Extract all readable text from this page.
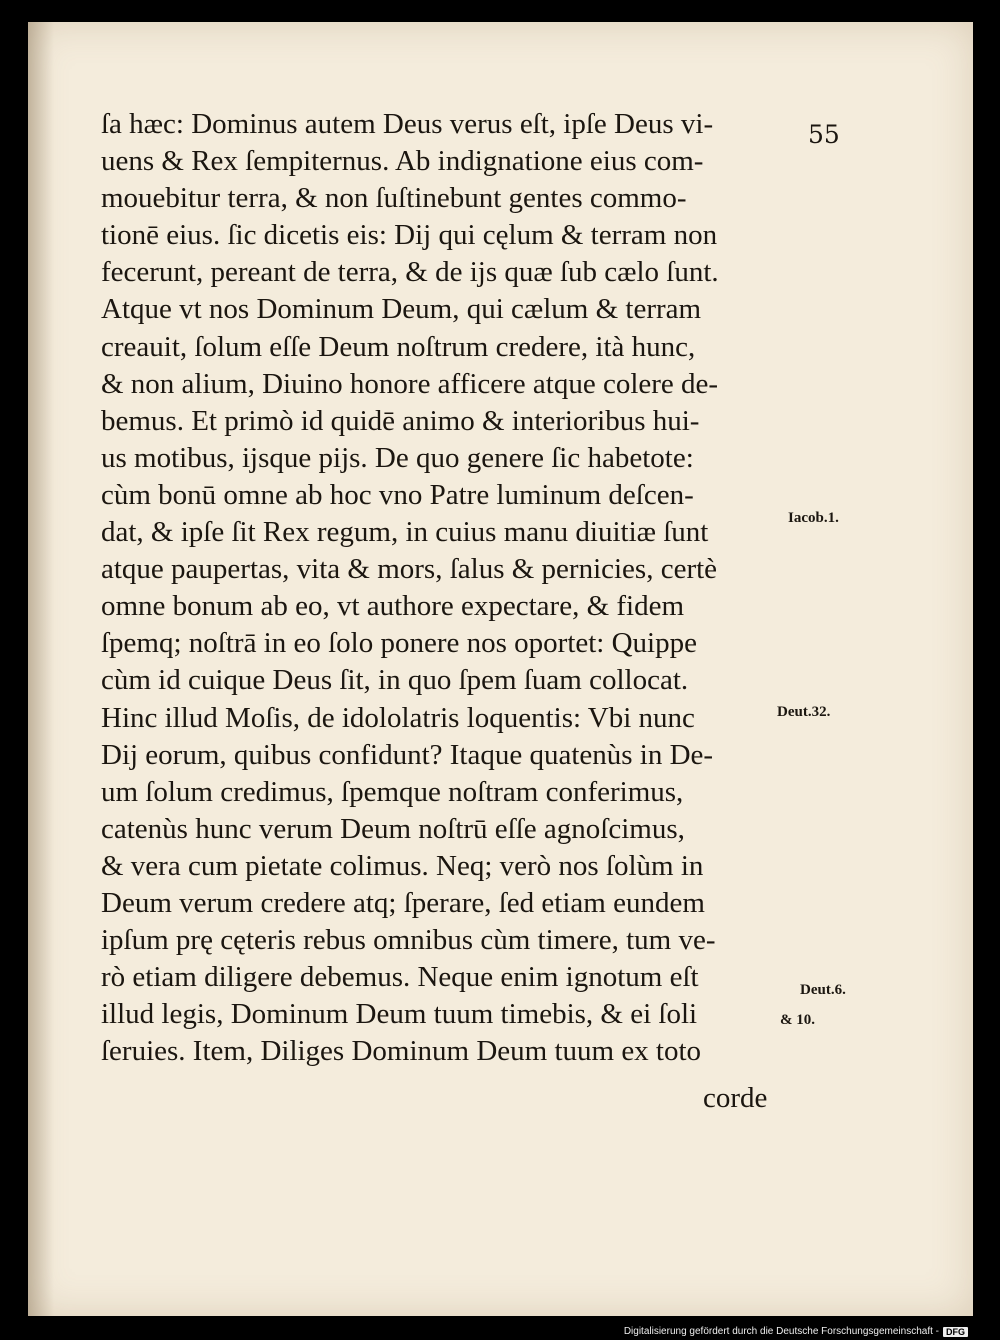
55
ſa hæc: Dominus autem Deus verus eſt, ipſe Deus vi-
uens & Rex ſempiternus. Ab indignatione eius com-
mouebitur terra, & non ſuſtinebunt gentes commo-
tionē eius. ſic dicetis eis: Dij qui cęlum & terram non
fecerunt, pereant de terra, & de ijs quæ ſub cælo ſunt.
Atque vt nos Dominum Deum, qui cælum & terram
creauit, ſolum eſſe Deum noſtrum credere, ità hunc,
& non alium, Diuino honore afficere atque colere de-
bemus. Et primò id quidē animo & interioribus hui-
us motibus, ijsque pijs. De quo genere ſic habetote:
cùm bonū omne ab hoc vno Patre luminum deſcen-
dat, & ipſe ſit Rex regum, in cuius manu diuitiæ ſunt
atque paupertas, vita & mors, ſalus & pernicies, certè
omne bonum ab eo, vt authore expectare, & fidem
ſpemq; noſtrā in eo ſolo ponere nos oportet: Quippe
cùm id cuique Deus ſit, in quo ſpem ſuam collocat.
Hinc illud Moſis, de idololatris loquentis: Vbi nunc
Dij eorum, quibus confidunt? Itaque quatenùs in De-
um ſolum credimus, ſpemque noſtram conferimus,
catenùs hunc verum Deum noſtrū eſſe agnoſcimus,
& vera cum pietate colimus. Neq; verò nos ſolùm in
Deum verum credere atq; ſperare, ſed etiam eundem
ipſum prę cęteris rebus omnibus cùm timere, tum ve-
rò etiam diligere debemus. Neque enim ignotum eſt
illud legis, Dominum Deum tuum timebis, & ei ſoli
ſeruies. Item, Diliges Dominum Deum tuum ex toto
corde
Iacob.1.
Deut.32.
Deut.6.
& 10.
Digitalisierung gefördert durch die Deutsche Forschungsgemeinschaft - DFG
